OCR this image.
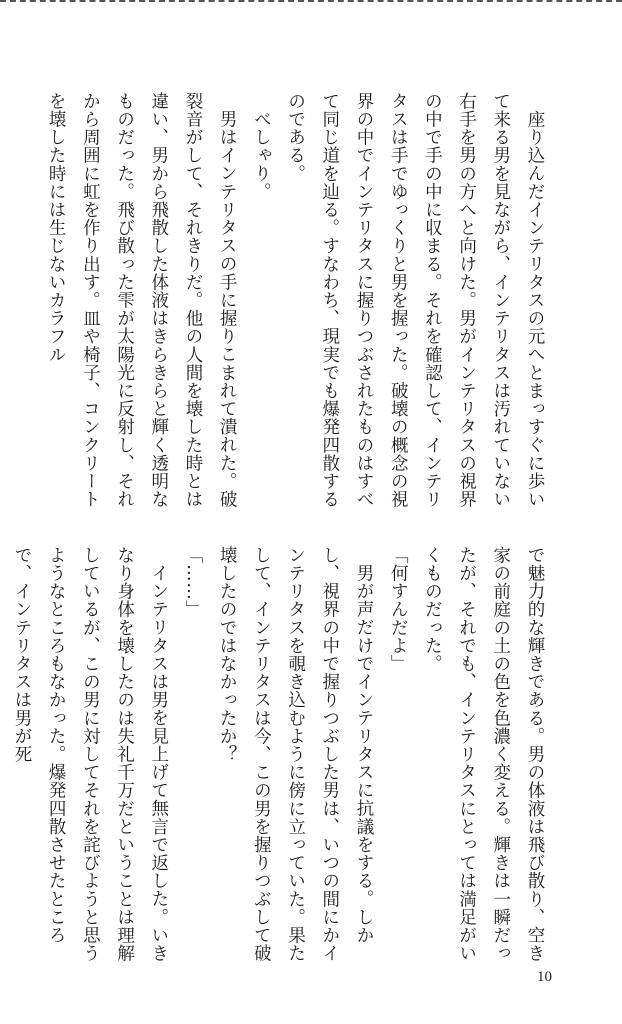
座り込んだインテリタスの元へとまっすぐに歩いて来る男を見ながら、インテリタスは汚れていない右手を男の方へと向けた。男がインテリタスの視界の中で手の中に収まる。それを確認して、インテリタスは手でゆっくりと男を握った。破壊の概念の視界の中でインテリタスに握りつぶされたものはすべて同じ道を辿る。すなわち、現実でも爆発四散するのである。

べしゃり。

男はインテリタスの手に握りこまれて潰れた。破裂音がして、それきりだ。他の人間を壊した時とは違い、男から飛散した体液はきらきらと輝く透明なものだった。飛び散った雫が太陽光に反射し、それから周囲に虹を作り出す。皿や椅子、コンクリートを壊した時には生じないカラフル

で魅力的な輝きである。男の体液は飛び散り、空き家の前庭の土の色を色濃く変える。輝きは一瞬だったが、それでも、インテリタスにとっては満足がいくものだった。

「何すんだよ」

男が声だけでインテリタスに抗議をする。しかし、視界の中で握りつぶした男は、いつの間にかインテリタスを覗き込むように傍に立っていた。果たして、インテリタスは今、この男を握りつぶして破壊したのではなかったか？

「……」

インテリタスは男を見上げて無言で返した。いきなり身体を壊したのは失礼千万だということは理解しているが、この男に対してそれを詫びようと思うようなところもなかった。爆発四散させたところで、インテリタスは男が死

10
